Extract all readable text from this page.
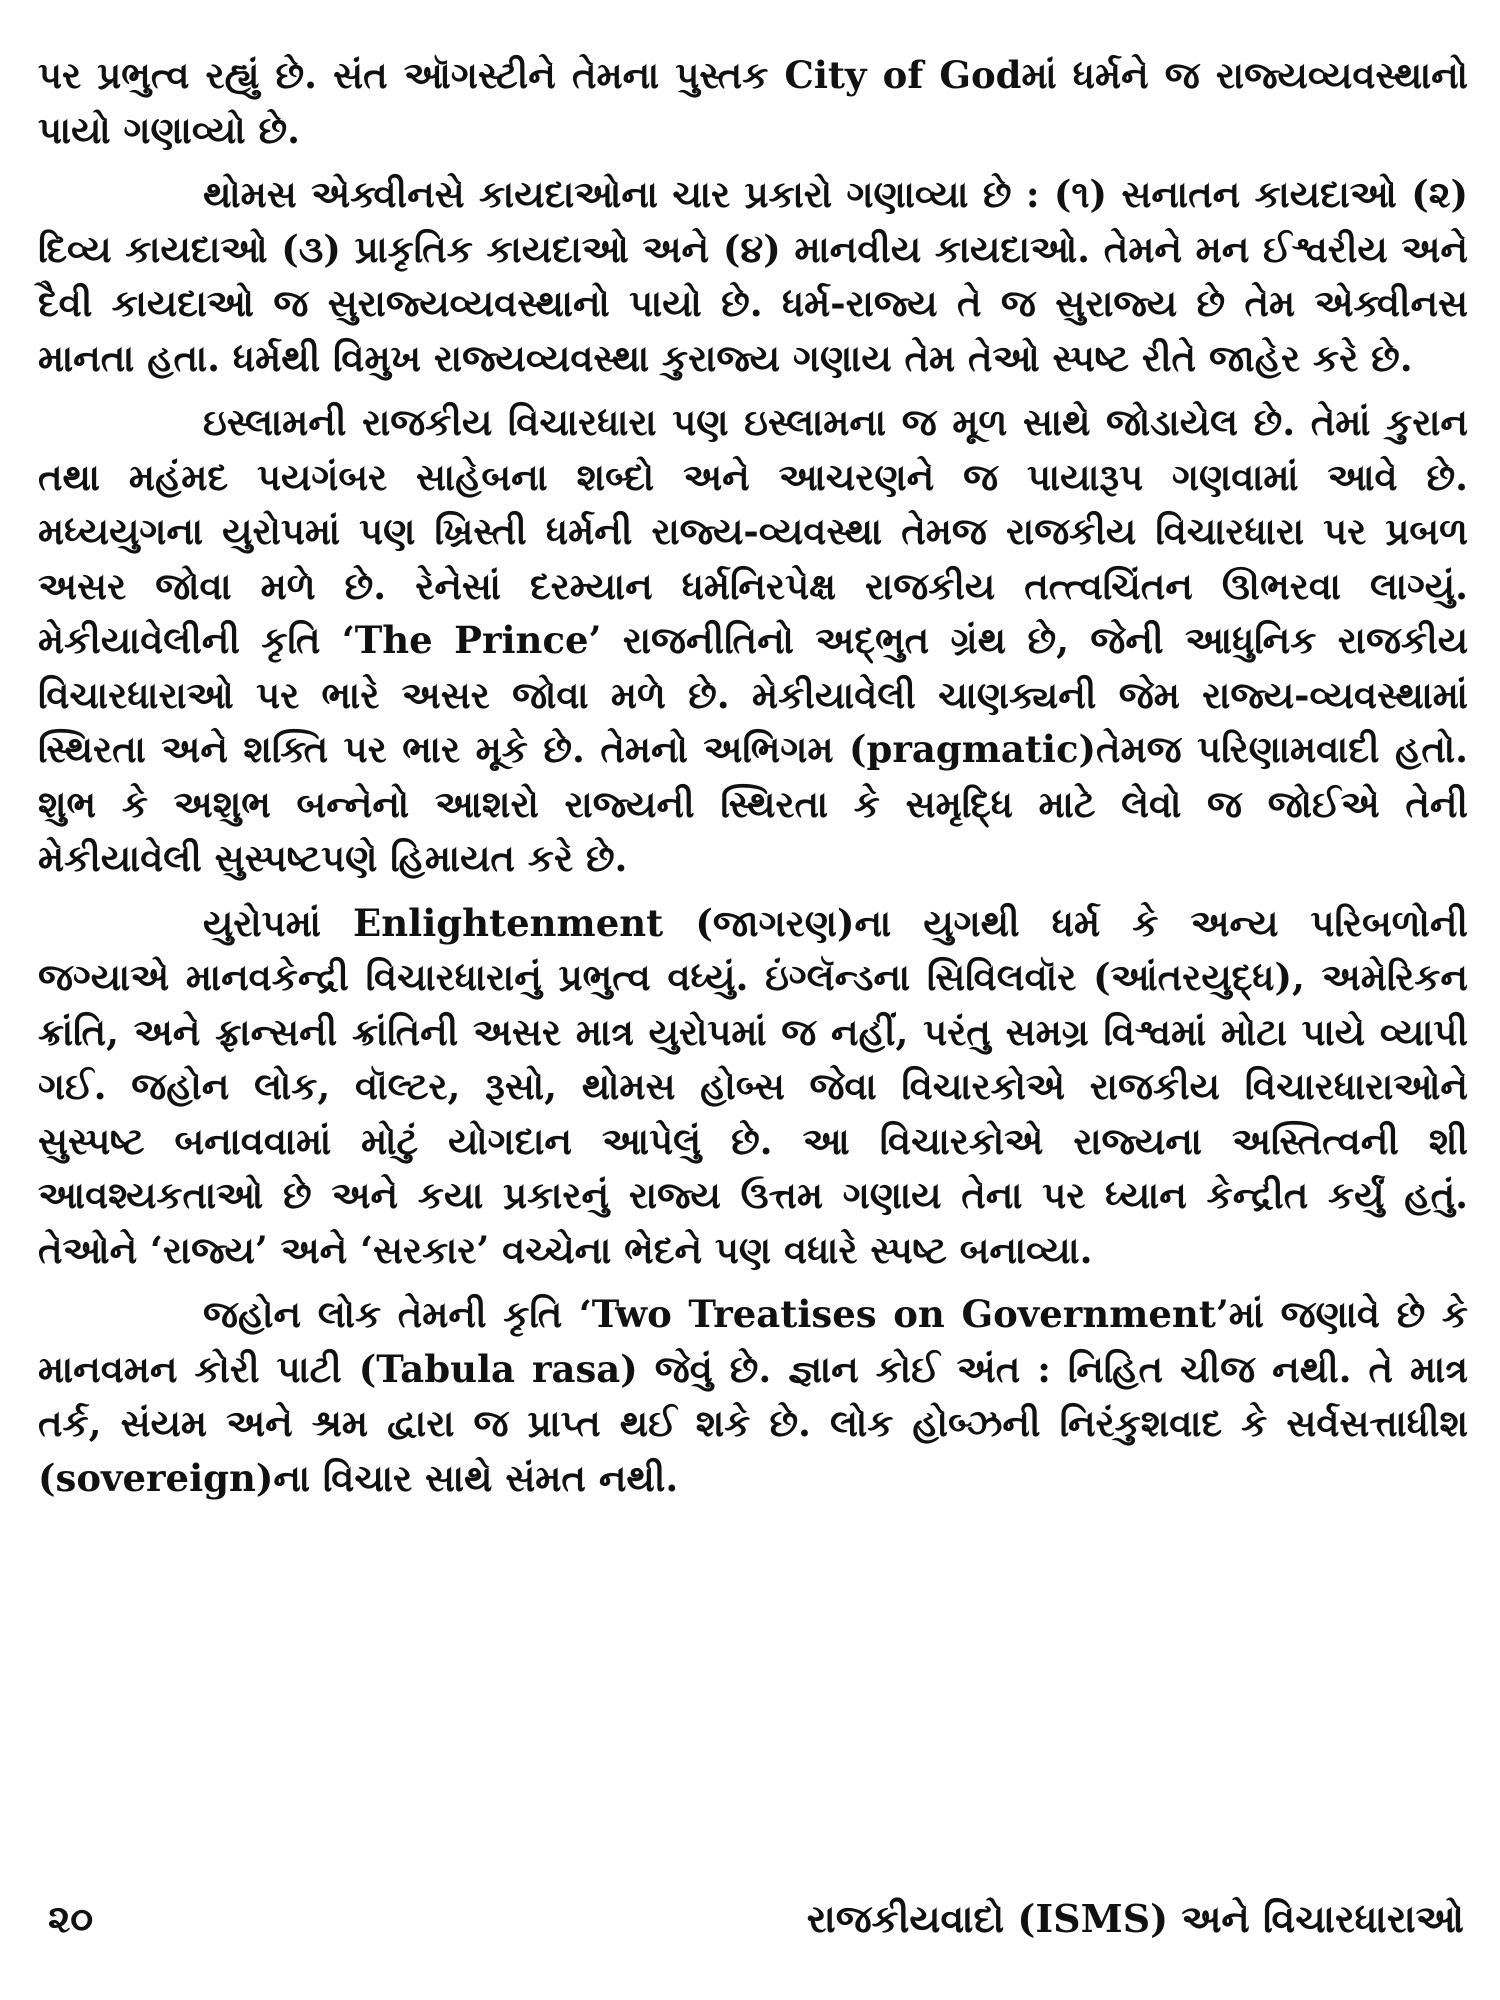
પર પ્રભુત્વ રહ્યું છે. સંત ઑગસ્ટીને તેમના પુસ્તક City of Godમાં ધર્મને જ રાજ્યવ્યવસ્થાનો પાયો ગણાવ્યો છે.

થોમસ એક્વીનસે કાયદાઓના ચાર પ્રકારો ગણાવ્યા છે : (૧) સનાતન કાયદાઓ (૨) દિવ્ય કાયદાઓ (૩) પ્રાકૃતિક કાયદાઓ અને (૪) માનવીય કાયદાઓ. તેમને મન ઈશ્વરીય અને દૈવી કાયદાઓ જ સુરાજ્યવ્યવસ્થાનો પાયો છે. ધર્મ-રાજ્ય તે જ સુરાજ્ય છે તેમ એક્વીનસ માનતા હતા. ધર્મથી વિમુખ રાજ્યવ્યવસ્થા કુરાજ્ય ગણાય તેમ તેઓ સ્પષ્ટ રીતે જાહેર કરે છે.

ઇસ્લામની રાજકીય વિચારધારા પણ ઇસ્લામના જ મૂળ સાથે જોડાયેલ છે. તેમાં કુરાન તથા મહંમદ પયગંબર સાહેબના શબ્દો અને આચરણને જ પાયારૂપ ગણવામાં આવે છે. મધ્યયુગના યુરોપમાં પણ ખ્રિસ્તી ધર્મની રાજ્ય-વ્યવસ્થા તેમજ રાજકીય વિચારધારા પર પ્રબળ અસર જોવા મળે છે. રેનેસાં દરમ્યાન ધર્મનિરપેક્ષ રાજકીય તત્ત્વચિંતન ઊભરવા લાગ્યું. મેકીયાવેલીની કૃતિ ‘The Prince’ રાજનીતિનો અદ્ભુત ગ્રંથ છે, જેની આધુનિક રાજકીય વિચારધારાઓ પર ભારે અસર જોવા મળે છે. મેકીયાવેલી ચાણક્યની જેમ રાજ્ય-વ્યવસ્થામાં સ્થિરતા અને શક્તિ પર ભાર મૂકે છે. તેમનો અભિગમ (pragmatic)તેમજ પરિણામવાદી હતો. શુભ કે અશુભ બન્નેનો આશરો રાજ્યની સ્થિરતા કે સમૃદ્ધિ માટે લેવો જ જોઈએ તેની મેકીયાવેલી સુસ્પષ્ટપણે હિમાયત કરે છે.

યુરોપમાં Enlightenment (જાગરણ)ના યુગથી ધર્મ કે અન્ય પરિબળોની જગ્યાએ માનવકેન્દ્રી વિચારધારાનું પ્રભુત્વ વધ્યું. ઇંગ્લૅન્ડના સિવિલવૉર (આંતરયુદ્ધ), અમેરિકન ક્રાંતિ, અને ફ્રાન્સની ક્રાંતિની અસર માત્ર યુરોપમાં જ નહીં, પરંતુ સમગ્ર વિશ્વમાં મોટા પાયે વ્યાપી ગઈ. જહોન લોક, વૉલ્ટર, રૂસો, થોમસ હોબ્સ જેવા વિચારકોએ રાજકીય વિચારધારાઓને સુસ્પષ્ટ બનાવવામાં મોટું યોગદાન આપેલું છે. આ વિચારકોએ રાજ્યના અસ્તિત્વની શી આવશ્યકતાઓ છે અને કયા પ્રકારનું રાજ્ય ઉત્તમ ગણાય તેના પર ધ્યાન કેન્દ્રીત કર્યું હતું. તેઓને ‘રાજ્ય’ અને ‘સરકાર’ વચ્ચેના ભેદને પણ વધારે સ્પષ્ટ બનાવ્યા.

જહોન લોક તેમની કૃતિ ‘Two Treatises on Government’માં જણાવે છે કે માનવમન કોરી પાટી (Tabula rasa) જેવું છે. જ્ઞાન કોઈ અંત : નિહિત ચીજ નથી. તે માત્ર તર્ક, સંયમ અને શ્રમ દ્વારા જ પ્રાપ્ત થઈ શકે છે. લોક હોબ્ઝની નિરંકુશવાદ કે સર્વસત્તાધીશ (sovereign)ના વિચાર સાથે સંમત નથી.

૨૦	રાજકીયવાદો (ISMS) અને વિચારધારાઓ
